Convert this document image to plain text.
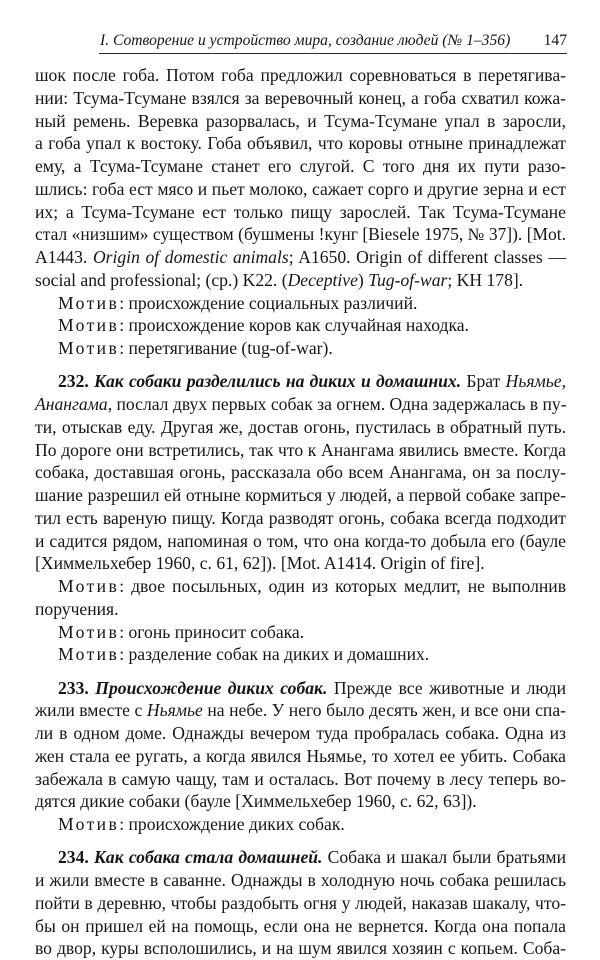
I. Сотворение и устройство мира, создание людей (№ 1–356) 147
шок после гоба. Потом гоба предложил соревноваться в перетягива-
нии: Тсума-Тсумане взялся за веревочный конец, а гоба схватил кожа-
ный ремень. Веревка разорвалась, и Тсума-Тсумане упал в заросли,
а гоба упал к востоку. Гоба объявил, что коровы отныне принадлежат
ему, а Тсума-Тсумане станет его слугой. С того дня их пути разо-
шлись: гоба ест мясо и пьет молоко, сажает сорго и другие зерна и ест
их; а Тсума-Тсумане ест только пищу зарослей. Так Тсума-Тсумане
стал «низшим» существом (бушмены !кунг [Biesele 1975, № 37]). [Mot.
A1443. Origin of domestic animals; A1650. Origin of different classes —
social and professional; (ср.) K22. (Deceptive) Tug-of-war; KH 178].
Мотив: происхождение социальных различий.
Мотив: происхождение коров как случайная находка.
Мотив: перетягивание (tug-of-war).
232. Как собаки разделились на диких и домашних. Брат Ньямье,
Анангама, послал двух первых собак за огнем. Одна задержалась в пу-
ти, отыскав еду. Другая же, достав огонь, пустилась в обратный путь.
По дороге они встретились, так что к Анангама явились вместе. Когда
собака, доставшая огонь, рассказала обо всем Анангама, он за послу-
шание разрешил ей отныне кормиться у людей, а первой собаке запре-
тил есть вареную пищу. Когда разводят огонь, собака всегда подходит
и садится рядом, напоминая о том, что она когда-то добыла его (бауле
[Химмельхебер 1960, с. 61, 62]). [Mot. A1414. Origin of fire].
Мотив: двое посыльных, один из которых медлит, не выполнив
поручения.
Мотив: огонь приносит собака.
Мотив: разделение собак на диких и домашних.
233. Происхождение диких собак. Прежде все животные и люди
жили вместе с Ньямье на небе. У него было десять жен, и все они спа-
ли в одном доме. Однажды вечером туда пробралась собака. Одна из
жен стала ее ругать, а когда явился Ньямье, то хотел ее убить. Собака
забежала в самую чащу, там и осталась. Вот почему в лесу теперь во-
дятся дикие собаки (бауле [Химмельхебер 1960, с. 62, 63]).
Мотив: происхождение диких собак.
234. Как собака стала домашней. Собака и шакал были братьями
и жили вместе в саванне. Однажды в холодную ночь собака решилась
пойти в деревню, чтобы раздобыть огня у людей, наказав шакалу, что-
бы он пришел ей на помощь, если она не вернется. Когда она попала
во двор, куры всполошились, и на шум явился хозяин с копьем. Соба-
